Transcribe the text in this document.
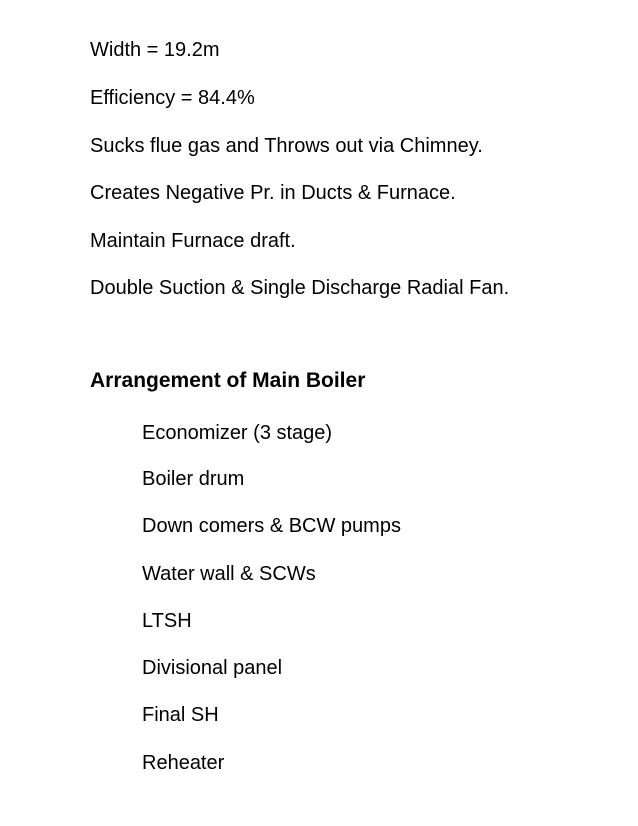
Width = 19.2m
Efficiency = 84.4%
Sucks flue gas and Throws out via Chimney.
Creates Negative Pr. in Ducts & Furnace.
Maintain Furnace draft.
Double Suction & Single Discharge Radial Fan.
Arrangement of Main Boiler
Economizer (3 stage)
Boiler drum
Down comers & BCW pumps
Water wall & SCWs
LTSH
Divisional panel
Final SH
Reheater
